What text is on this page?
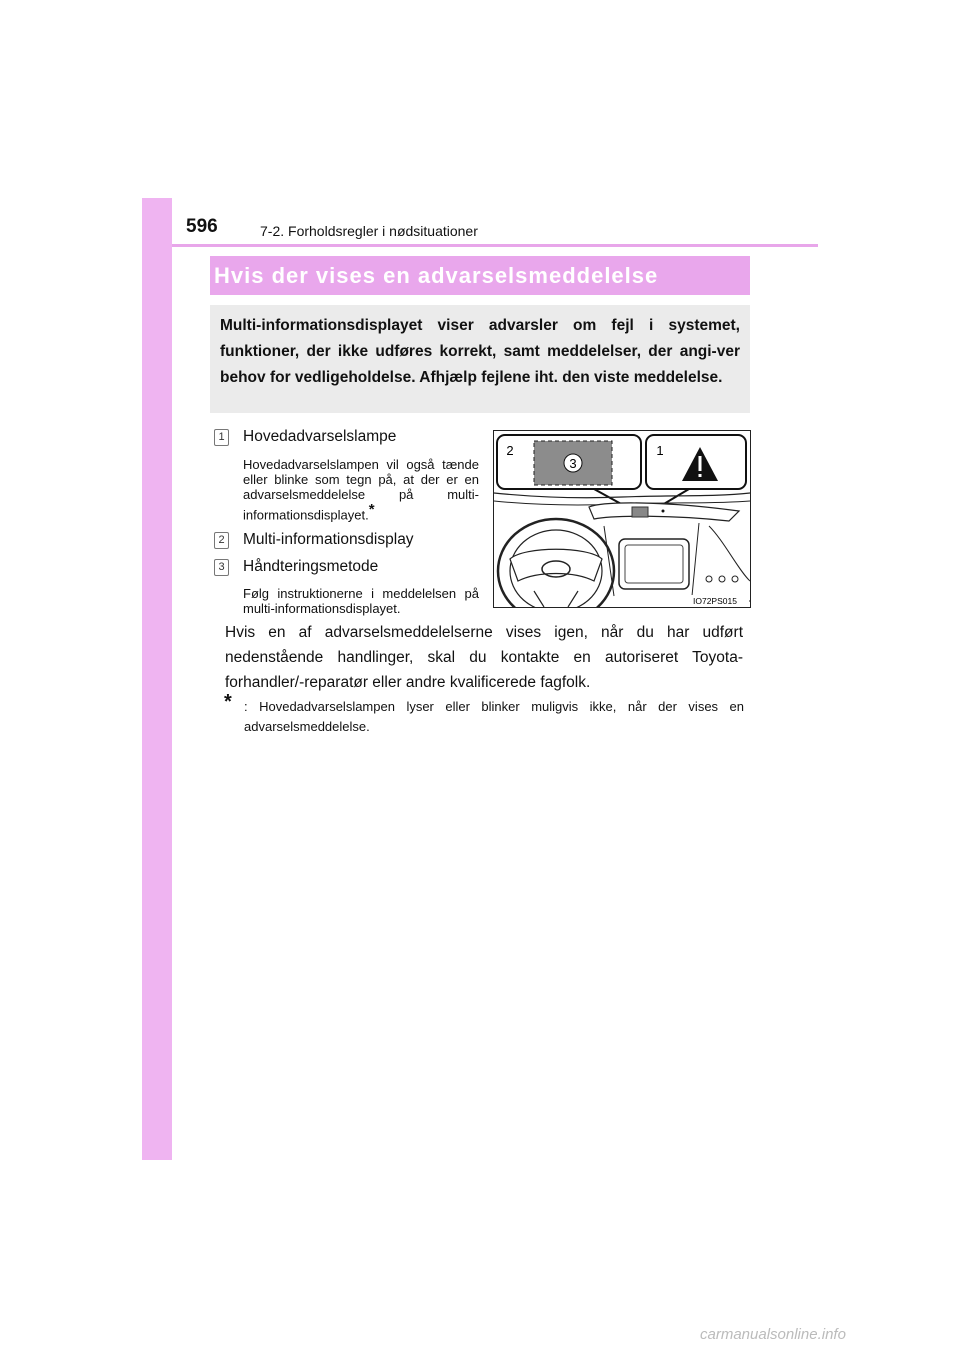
596	7-2. Forholdsregler i nødsituationer
Hvis der vises en advarselsmeddelelse
Multi-informationsdisplayet viser advarsler om fejl i systemet, funktioner, der ikke udføres korrekt, samt meddelelser, der angi-ver behov for vedligeholdelse. Afhjælp fejlene iht. den viste meddelelse.
1 Hovedadvarselslampe
Hovedadvarselslampen vil også tænde eller blinke som tegn på, at der er en advarselsmeddelelse på multi-informationsdisplayet.*
2 Multi-informationsdisplay
3 Håndteringsmetode
Følg instruktionerne i meddelelsen på multi-informationsdisplayet.
2
3
1
IO72PS015
Hvis en af advarselsmeddelelserne vises igen, når du har udført nedenstående handlinger, skal du kontakte en autoriseret Toyota-forhandler/-reparatør eller andre kvalificerede fagfolk.
* : Hovedadvarselslampen lyser eller blinker muligvis ikke, når der vises en advarselsmeddelelse.
carmanualsonline.info
